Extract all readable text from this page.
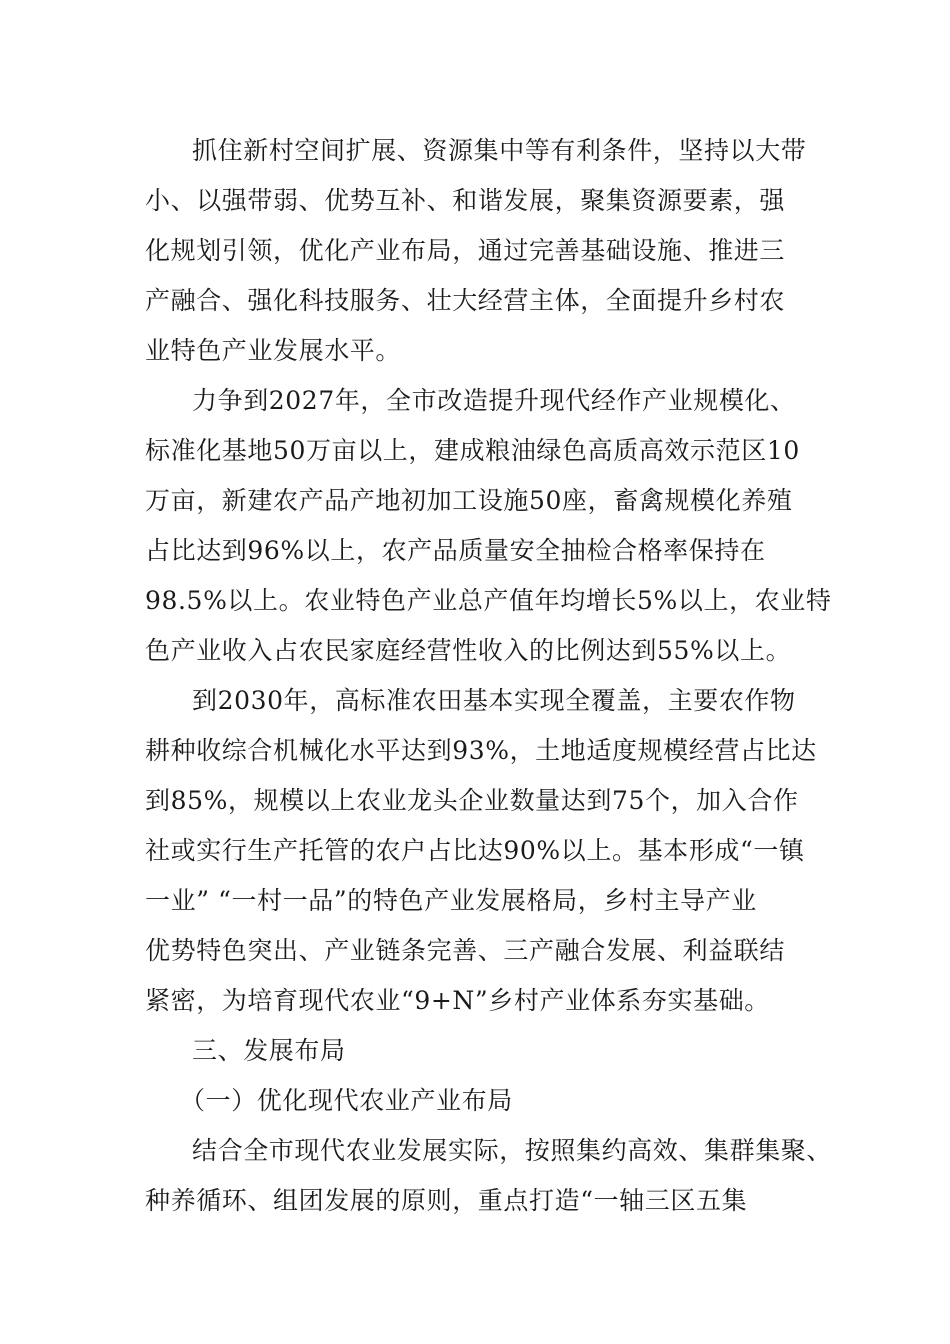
抓住新村空间扩展、资源集中等有利条件，坚持以大带
小、以强带弱、优势互补、和谐发展，聚集资源要素，强
化规划引领，优化产业布局，通过完善基础设施、推进三
产融合、强化科技服务、壮大经营主体，全面提升乡村农
业特色产业发展水平。
力争到2027年，全市改造提升现代经作产业规模化、
标准化基地50万亩以上，建成粮油绿色高质高效示范区10
万亩，新建农产品产地初加工设施50座，畜禽规模化养殖
占比达到96%以上，农产品质量安全抽检合格率保持在
98.5%以上。农业特色产业总产值年均增长5%以上，农业特
色产业收入占农民家庭经营性收入的比例达到55%以上。
到2030年，高标准农田基本实现全覆盖，主要农作物
耕种收综合机械化水平达到93%，土地适度规模经营占比达
到85%，规模以上农业龙头企业数量达到75个，加入合作
社或实行生产托管的农户占比达90%以上。基本形成“一镇
一业” “一村一品”的特色产业发展格局，乡村主导产业
优势特色突出、产业链条完善、三产融合发展、利益联结
紧密，为培育现代农业“9+N”乡村产业体系夯实基础。
三、发展布局
（一）优化现代农业产业布局
结合全市现代农业发展实际，按照集约高效、集群集聚、
种养循环、组团发展的原则，重点打造“一轴三区五集
